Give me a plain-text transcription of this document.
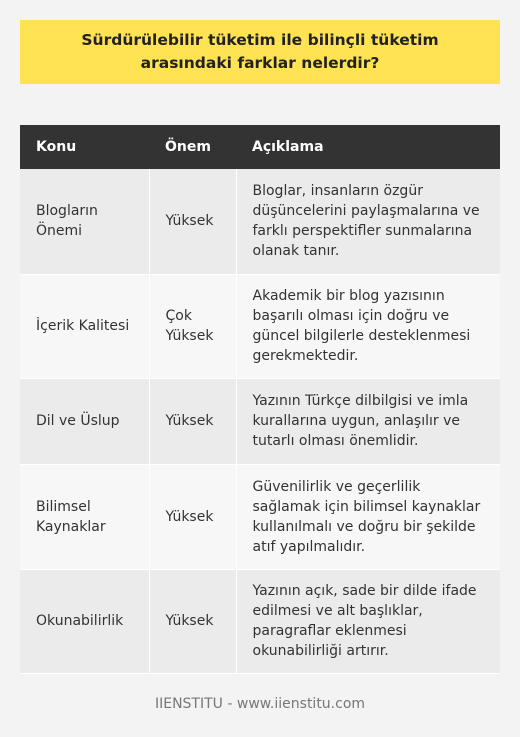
Sürdürülebilir tüketim ile bilinçli tüketim arasındaki farklar nelerdir?
Konu	Önem	Açıklama
Blogların Önemi	Yüksek	Bloglar, insanların özgür düşüncelerini paylaşmalarına ve farklı perspektifler sunmalarına olanak tanır.
İçerik Kalitesi	Çok Yüksek	Akademik bir blog yazısının başarılı olması için doğru ve güncel bilgilerle desteklenmesi gerekmektedir.
Dil ve Üslup	Yüksek	Yazının Türkçe dilbilgisi ve imla kurallarına uygun, anlaşılır ve tutarlı olması önemlidir.
Bilimsel Kaynaklar	Yüksek	Güvenilirlik ve geçerlilik sağlamak için bilimsel kaynaklar kullanılmalı ve doğru bir şekilde atıf yapılmalıdır.
Okunabilirlik	Yüksek	Yazının açık, sade bir dilde ifade edilmesi ve alt başlıklar, paragraflar eklenmesi okunabilirliği artırır.
IIENSTITU - www.iienstitu.com
